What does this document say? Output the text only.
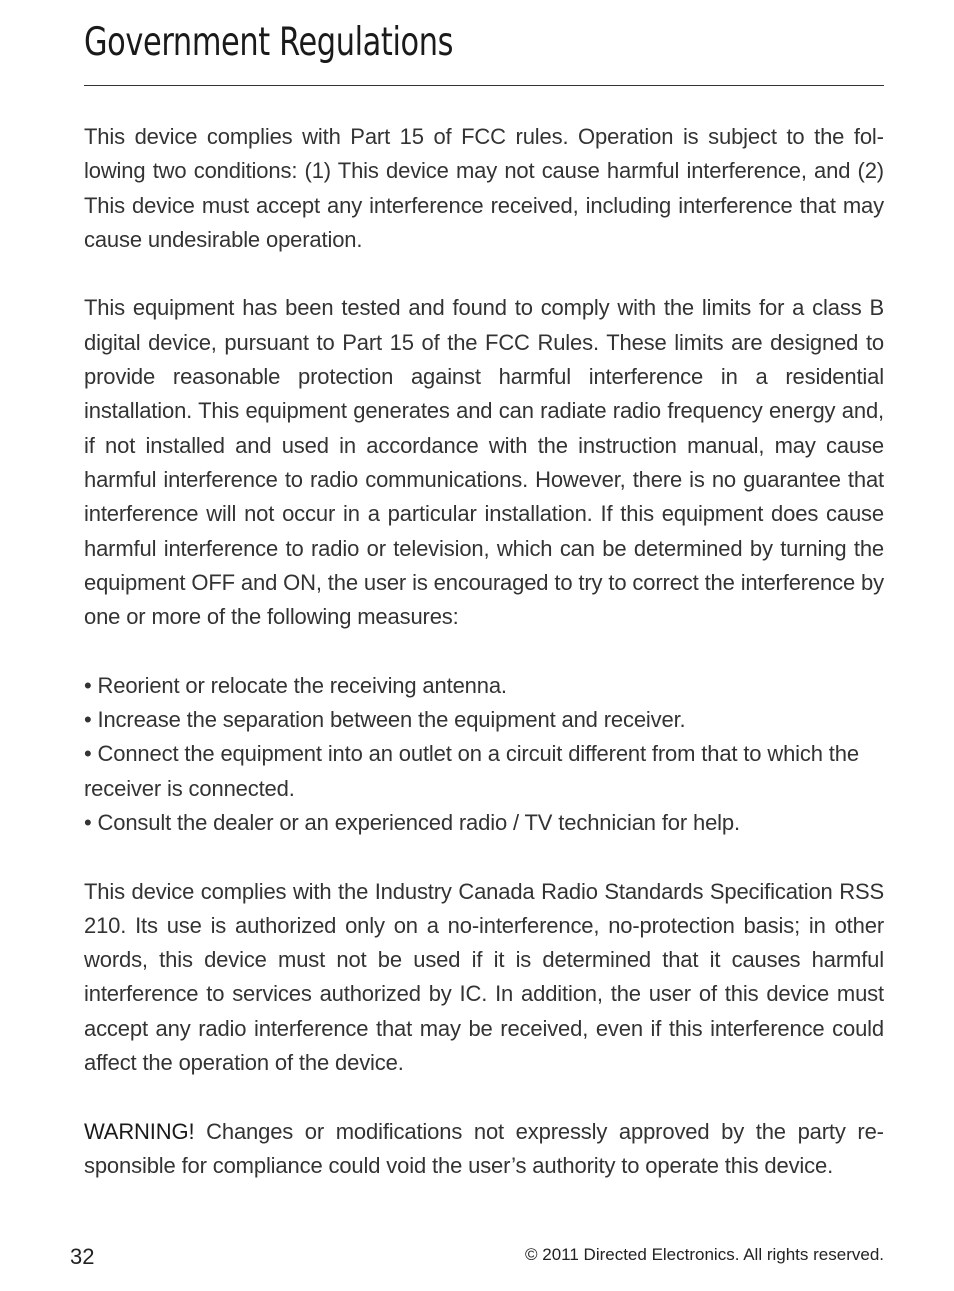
Government Regulations

This device complies with Part 15 of FCC rules. Operation is subject to the following two conditions: (1) This device may not cause harmful interference, and (2) This device must accept any interference received, including interference that may cause undesirable operation.

This equipment has been tested and found to comply with the limits for a class B digital device, pursuant to Part 15 of the FCC Rules. These limits are designed to provide reasonable protection against harmful interference in a residential installation. This equipment generates and can radiate radio frequency energy and, if not installed and used in accordance with the instruction manual, may cause harmful interference to radio communications. However, there is no guarantee that interference will not occur in a particular installation. If this equipment does cause harmful interference to radio or television, which can be determined by turning the equipment OFF and ON, the user is encouraged to try to correct the interference by one or more of the following measures:

• Reorient or relocate the receiving antenna.

• Increase the separation between the equipment and receiver.

• Connect the equipment into an outlet on a circuit different from that to which the receiver is connected.

• Consult the dealer or an experienced radio / TV technician for help.

This device complies with the Industry Canada Radio Standards Specification RSS 210. Its use is authorized only on a no-interference, no-protection basis; in other words, this device must not be used if it is determined that it causes harmful interference to services authorized by IC. In addition, the user of this device must accept any radio interference that may be received, even if this interference could affect the operation of the device.

WARNING! Changes or modifications not expressly approved by the party responsible for compliance could void the user’s authority to operate this device.

32	© 2011 Directed Electronics. All rights reserved.
